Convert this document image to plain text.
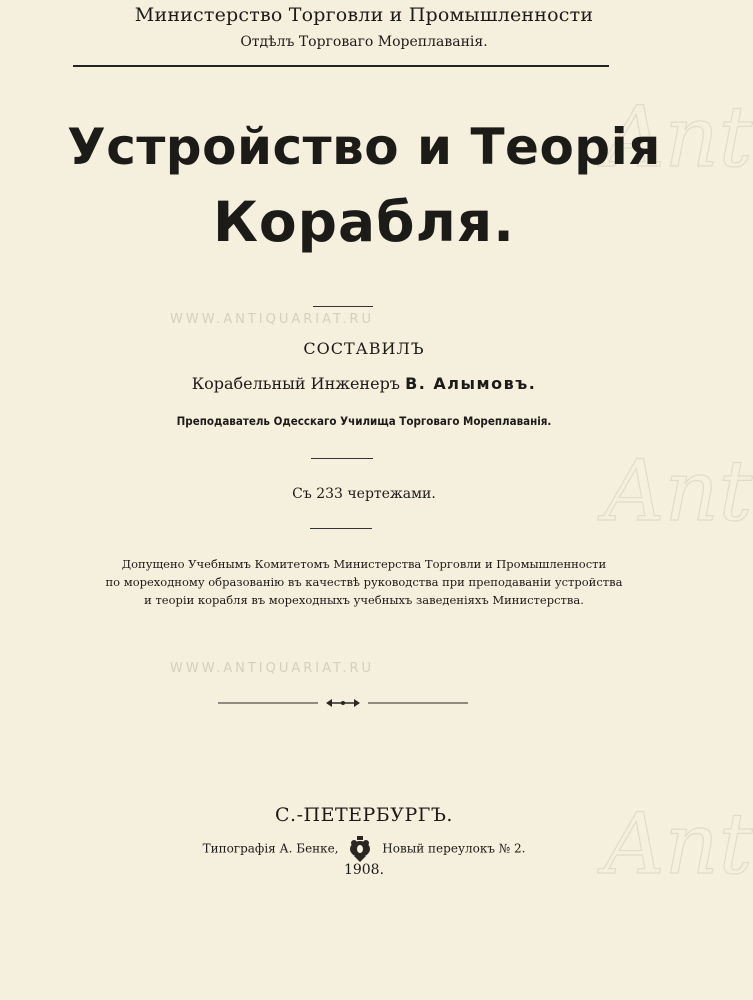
Ant
Ant
Ant
WWW.ANTIQUARIAT.RU
WWW.ANTIQUARIAT.RU
Министерство Торговли и Промышленности
Отдѣлъ Торговаго Мореплаванія.
Устройство и Теорія
Корабля.
СОСТАВИЛЪ
Корабельный Инженеръ В. Алымовъ.
Преподаватель Одесскаго Училища Торговаго Мореплаванія.
Съ 233 чертежами.
Допущено Учебнымъ Комитетомъ Министерства Торговли и Промышленности
по мореходному образованію въ качествѣ руководства при преподаваніи устройства
и теоріи корабля въ мореходныхъ учебныхъ заведеніяхъ Министерства.
С.-ПЕТЕРБУРГЪ.
Типографія А. Бенке,	Новый переулокъ № 2.
1908.
